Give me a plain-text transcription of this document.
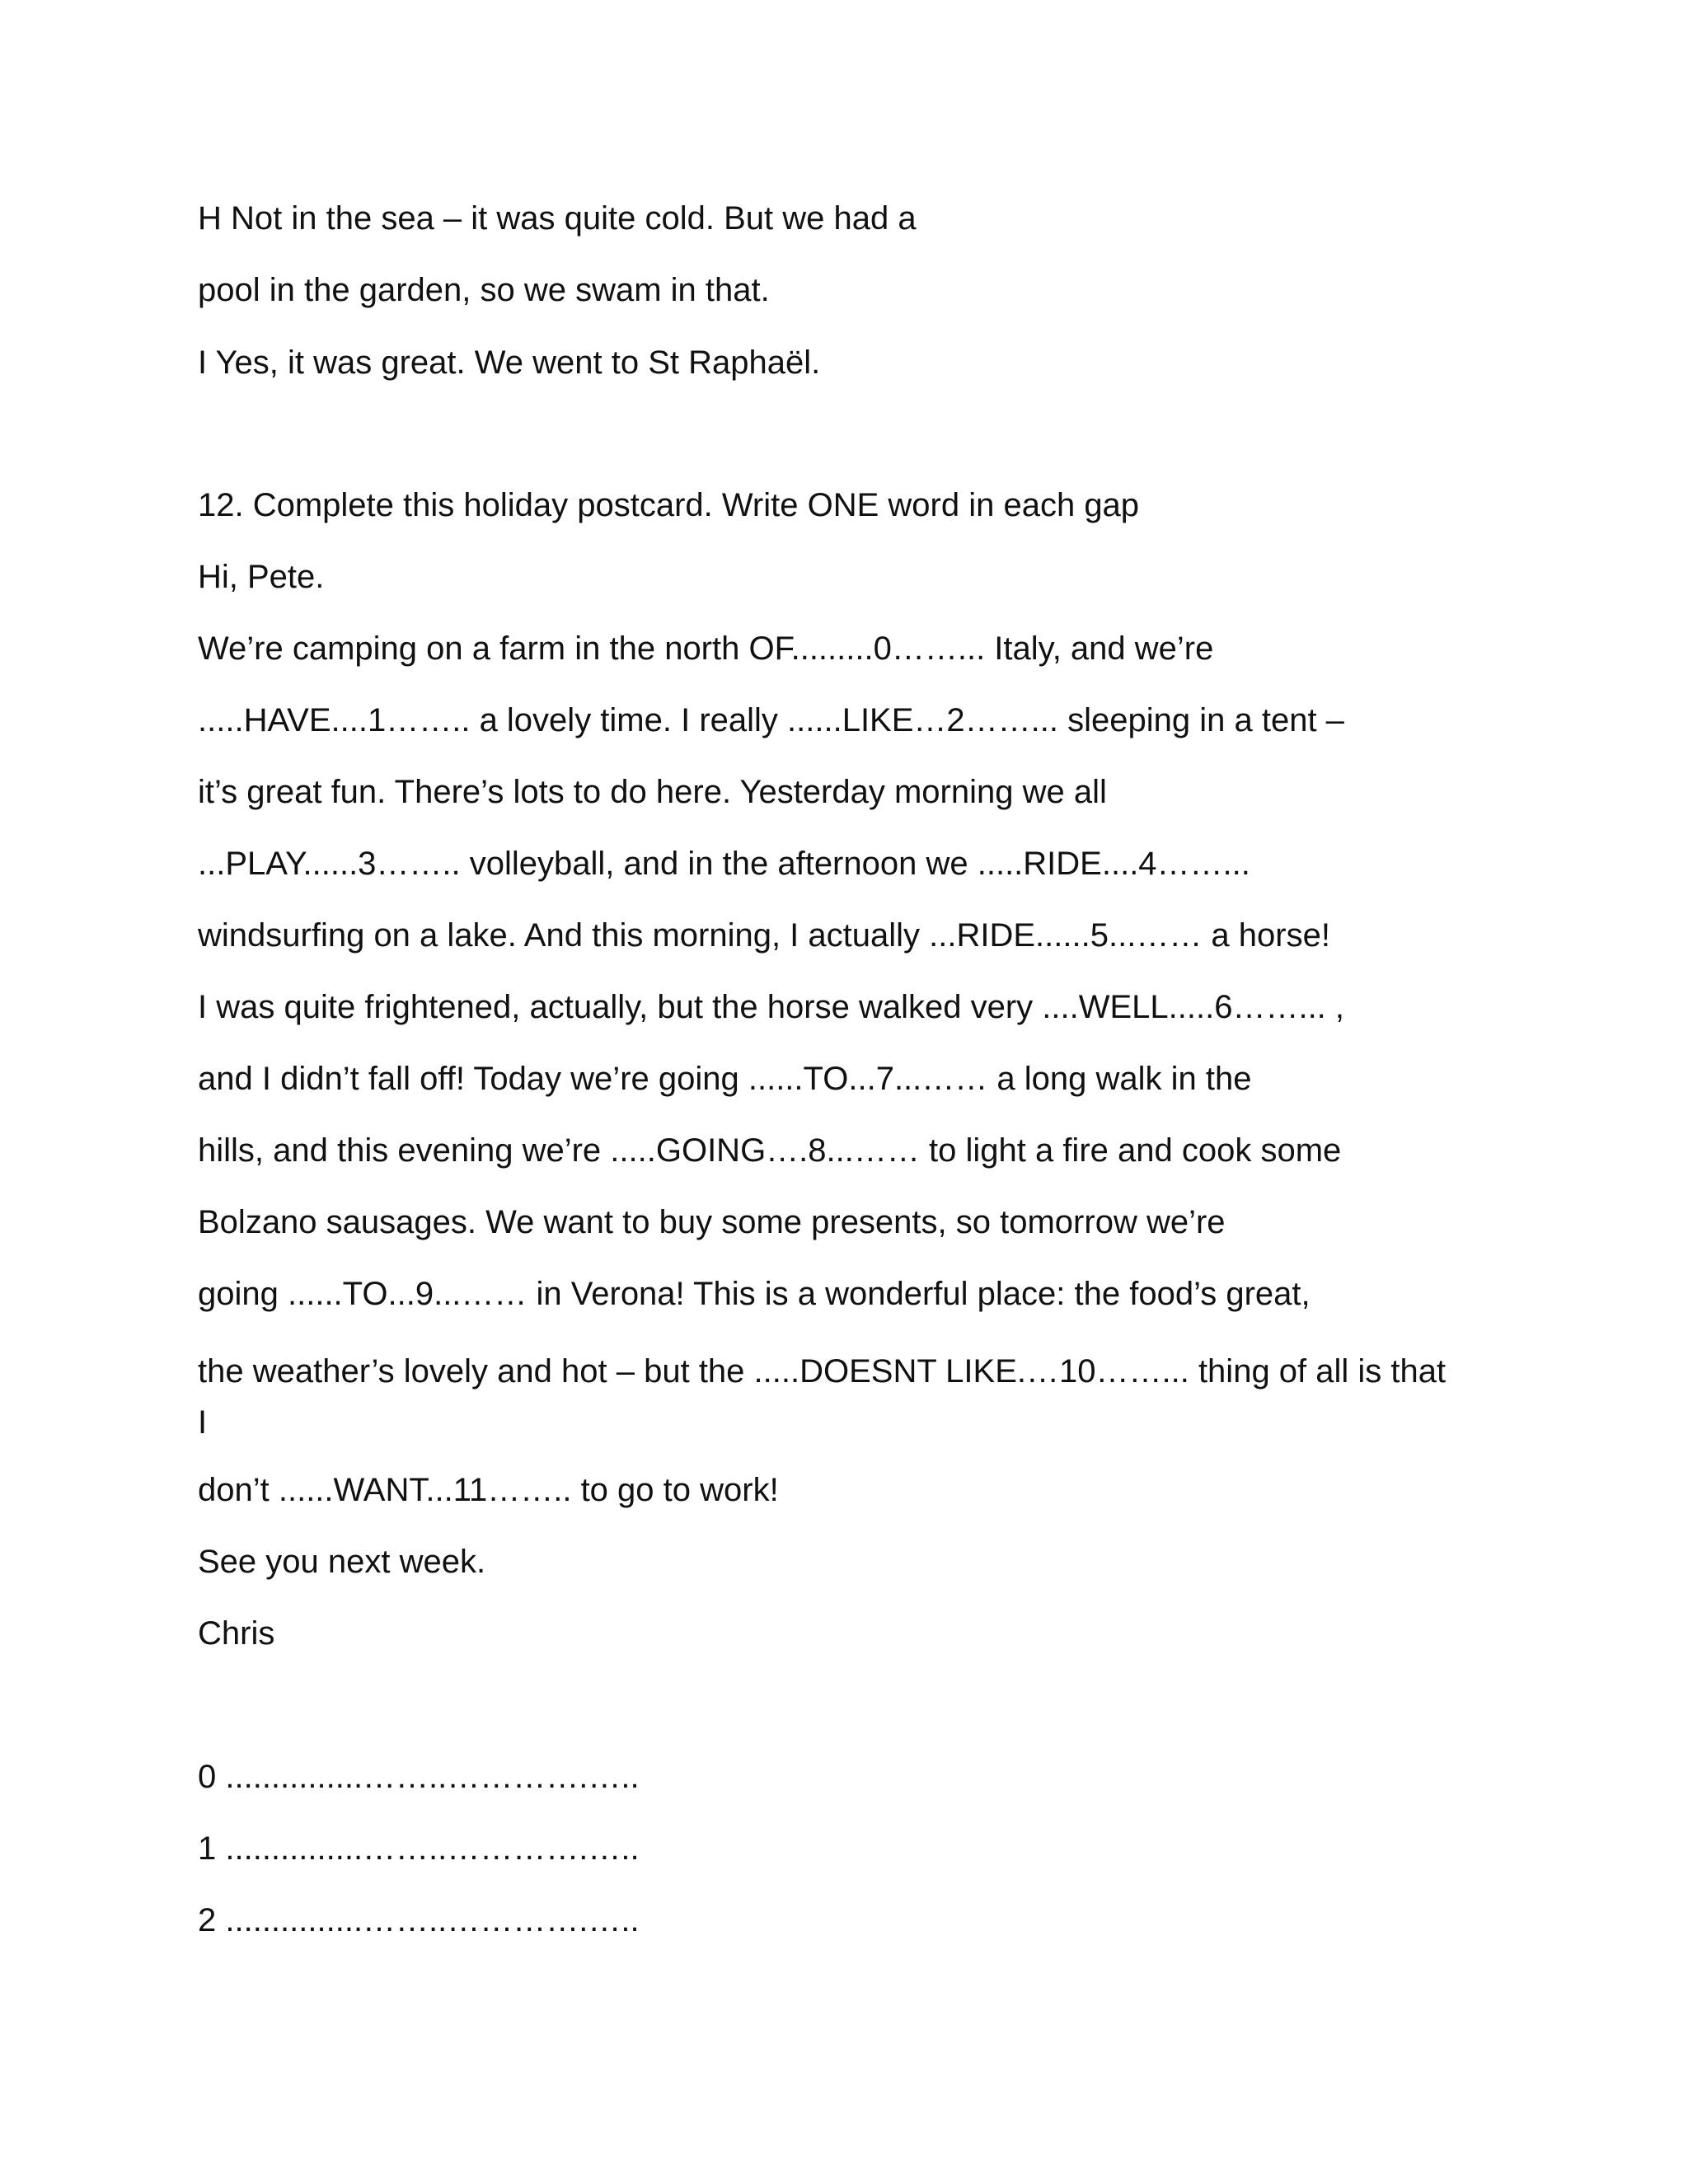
H Not in the sea – it was quite cold. But we had a
pool in the garden, so we swam in that.
I Yes, it was great. We went to St Raphaël.
12. Complete this holiday postcard. Write ONE word in each gap
Hi, Pete.
We’re camping on a farm in the north OF.........0……... Italy, and we’re
.....HAVE....1…….. a lovely time. I really ......LIKE…2……... sleeping in a tent –
it’s great fun. There’s lots to do here. Yesterday morning we all
...PLAY......3…….. volleyball, and in the afternoon we .....RIDE....4……...
windsurfing on a lake. And this morning, I actually ...RIDE......5...…… a horse!
I was quite frightened, actually, but the horse walked very ....WELL.....6……... ,
and I didn’t fall off! Today we’re going ......TO...7...…… a long walk in the
hills, and this evening we’re .....GOING….8...…… to light a fire and cook some
Bolzano sausages. We want to buy some presents, so tomorrow we’re
going ......TO...9...…… in Verona! This is a wonderful place: the food’s great,
the weather’s lovely and hot – but the .....DOESNT LIKE.…10……... thing of all is that I
don’t ......WANT...11…….. to go to work!
See you next week.
Chris
0 ...............……..………….…..
1 ...............……..………….…..
2 ...............……..………….…..
